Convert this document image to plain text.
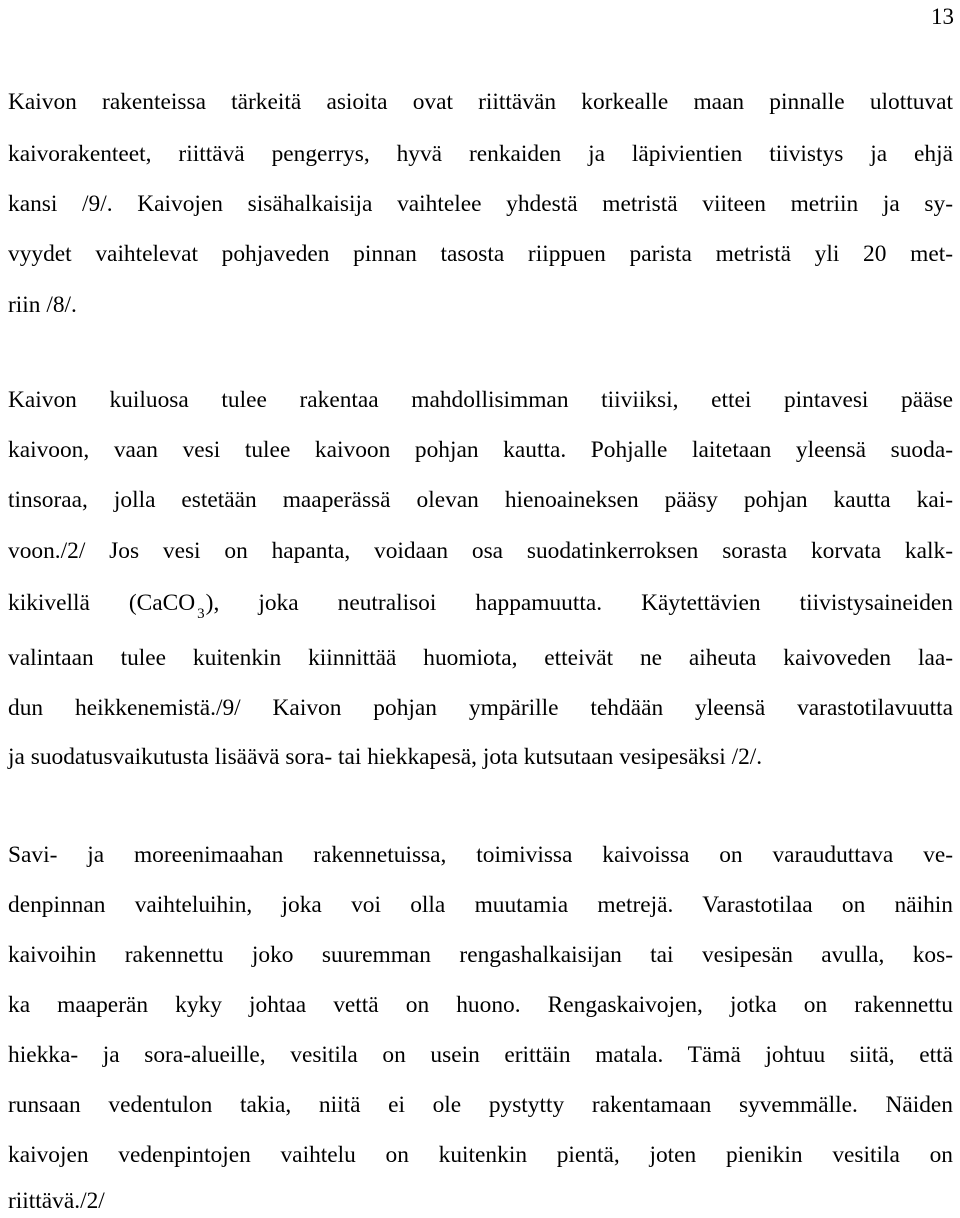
13
Kaivon rakenteissa tärkeitä asioita ovat riittävän korkealle maan pinnalle ulottuvat
kaivorakenteet, riittävä pengerrys, hyvä renkaiden ja läpivientien tiivistys ja ehjä
kansi /9/. Kaivojen sisähalkaisija vaihtelee yhdestä metristä viiteen metriin ja sy-
vyydet vaihtelevat pohjaveden pinnan tasosta riippuen parista metristä yli 20 met-
riin /8/.
Kaivon kuiluosa tulee rakentaa mahdollisimman tiiviiksi, ettei pintavesi pääse
kaivoon, vaan vesi tulee kaivoon pohjan kautta. Pohjalle laitetaan yleensä suoda-
tinsoraa, jolla estetään maaperässä olevan hienoaineksen pääsy pohjan kautta kai-
voon./2/ Jos vesi on hapanta, voidaan osa suodatinkerroksen sorasta korvata kalk-
kikivellä (CaCO $_3$), joka neutralisoi happamuutta. Käytettävien tiivistysaineiden
valintaan tulee kuitenkin kiinnittää huomiota, etteivät ne aiheuta kaivoveden laa-
dun heikkenemistä./9/ Kaivon pohjan ympärille tehdään yleensä varastotilavuutta
ja suodatusvaikutusta lisäävä sora- tai hiekkapesä, jota kutsutaan vesipesäksi /2/.
Savi- ja moreenimaahan rakennetuissa, toimivissa kaivoissa on varauduttava ve-
denpinnan vaihteluihin, joka voi olla muutamia metrejä. Varastotilaa on näihin
kaivoihin rakennettu joko suuremman rengashalkaisijan tai vesipesän avulla, kos-
ka maaperän kyky johtaa vettä on huono. Rengaskaivojen, jotka on rakennettu
hiekka- ja sora-alueille, vesitila on usein erittäin matala. Tämä johtuu siitä, että
runsaan vedentulon takia, niitä ei ole pystytty rakentamaan syvemmälle. Näiden
kaivojen vedenpintojen vaihtelu on kuitenkin pientä, joten pienikin vesitila on
riittävä./2/
